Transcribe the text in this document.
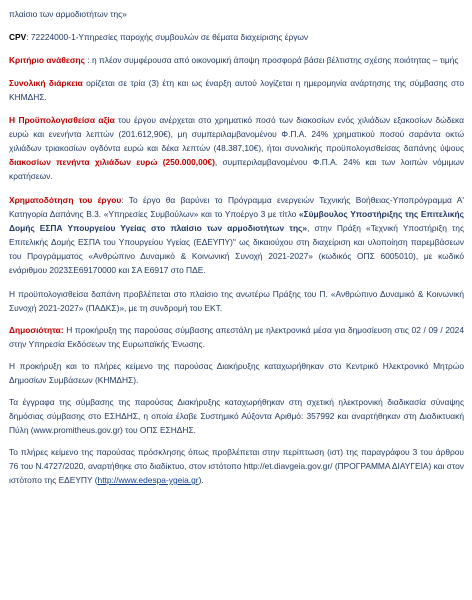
πλαίσιο των αρμοδιοτήτων της»

CPV: 72224000-1-Υπηρεσίες παροχής συμβουλών σε θέματα διαχείρισης έργων

Κριτήριο ανάθεσης : η πλέον συμφέρουσα από οικονομική άποψη προσφορά βάσει βέλτιστης σχέσης ποιότητας – τιμής

Συνολική διάρκεια ορίζεται σε τρία (3) έτη και ως έναρξη αυτού λογίζεται η ημερομηνία ανάρτησης της σύμβασης στο ΚΗΜΔΗΣ.

Η Προϋπολογισθείσα αξία του έργου ανέρχεται στο χρηματικό ποσό των διακοσίων ενός χιλιάδων εξακοσίων δώδεκα ευρώ και ενενήντα λεπτών (201.612,90€), μη συμπεριλαμβανομένου Φ.Π.Α. 24% χρηματικού ποσού σαράντα οκτώ χιλιάδων τριακοσίων ογδόντα ευρώ και δέκα λεπτών (48.387,10€), ήτοι συνολικής προϋπολογισθείσας δαπάνης ύψους διακοσίων πενήντα χιλιάδων ευρώ (250.000,00€), συμπεριλαμβανομένου Φ.Π.Α. 24% και των λοιπών νόμιμων κρατήσεων.

Χρηματοδότηση του έργου: Το έργο θα βαρύνει το Πρόγραμμα ενεργειών Τεχνικής Βοήθειας-Υποπρόγραμμα Α' Κατηγορία Δαπάνης Β.3. «Υπηρεσίες Συμβούλων» και το Υποέργο 3 με τίτλο «Σύμβουλος Υποστήριξης της Επιτελικής Δομής ΕΣΠΑ Υπουργείου Υγείας στο πλαίσιο των αρμοδιοτήτων της», στην Πράξη «Τεχνική Υποστήριξη της Επιτελικής Δομής ΕΣΠΑ του Υπουργείου Υγείας (ΕΔΕΥΠΥ)" ως δικαιούχου στη διαχείριση και υλοποίηση παρεμβάσεων του Προγράμματος «Ανθρώπινο Δυναμικό & Κοινωνική Συνοχή 2021-2027» (κωδικός ΟΠΣ 6005010), με κωδικό ενάριθμου 2023ΣΕ69170000 και ΣΑ Ε6917 στο ΠΔΕ.

Η προϋπολογισθείσα δαπάνη προβλέπεται στο πλαίσιο της ανωτέρω Πράξης του Π. «Ανθρώπινο Δυναμικό & Κοινωνική Συνοχή 2021-2027» (ΠΑΔΚΣ)», με τη συνδρομή του ΕΚΤ.

Δημοσιότητα: Η προκήρυξη της παρούσας σύμβασης απεστάλη με ηλεκτρονικά μέσα για δημοσίευση στις 02 / 09 / 2024 στην Υπηρεσία Εκδόσεων της Ευρωπαϊκής Ένωσης.

Η προκήρυξη και το πλήρες κείμενο της παρούσας Διακήρυξης καταχωρήθηκαν στο Κεντρικό Ηλεκτρονικό Μητρώο Δημοσίων Συμβάσεων (ΚΗΜΔΗΣ).

Τα έγγραφα της σύμβασης της παρούσας Διακήρυξης καταχωρήθηκαν στη σχετική ηλεκτρονική διαδικασία σύναψης δημόσιας σύμβασης στο ΕΣΗΔΗΣ, η οποία έλαβε Συστημικό Αύξοντα Αριθμό: 357992 και αναρτήθηκαν στη Διαδικτυακή Πύλη (www.promitheus.gov.gr) του ΟΠΣ ΕΣΗΔΗΣ.

Το πλήρες κείμενο της παρούσας πρόσκλησης όπως προβλέπεται στην περίπτωση (ιστ) της παραγράφου 3 του άρθρου 76 του Ν.4727/2020, αναρτήθηκε στο διαδίκτυο, στον ιστότοπο http://et.diavgeia.gov.gr/ (ΠΡΟΓΡΑΜΜΑ ΔΙΑΥΓΕΙΑ) και στον ιστότοπο της ΕΔΕΥΠΥ (http://www.edespa-ygeia.gr).
